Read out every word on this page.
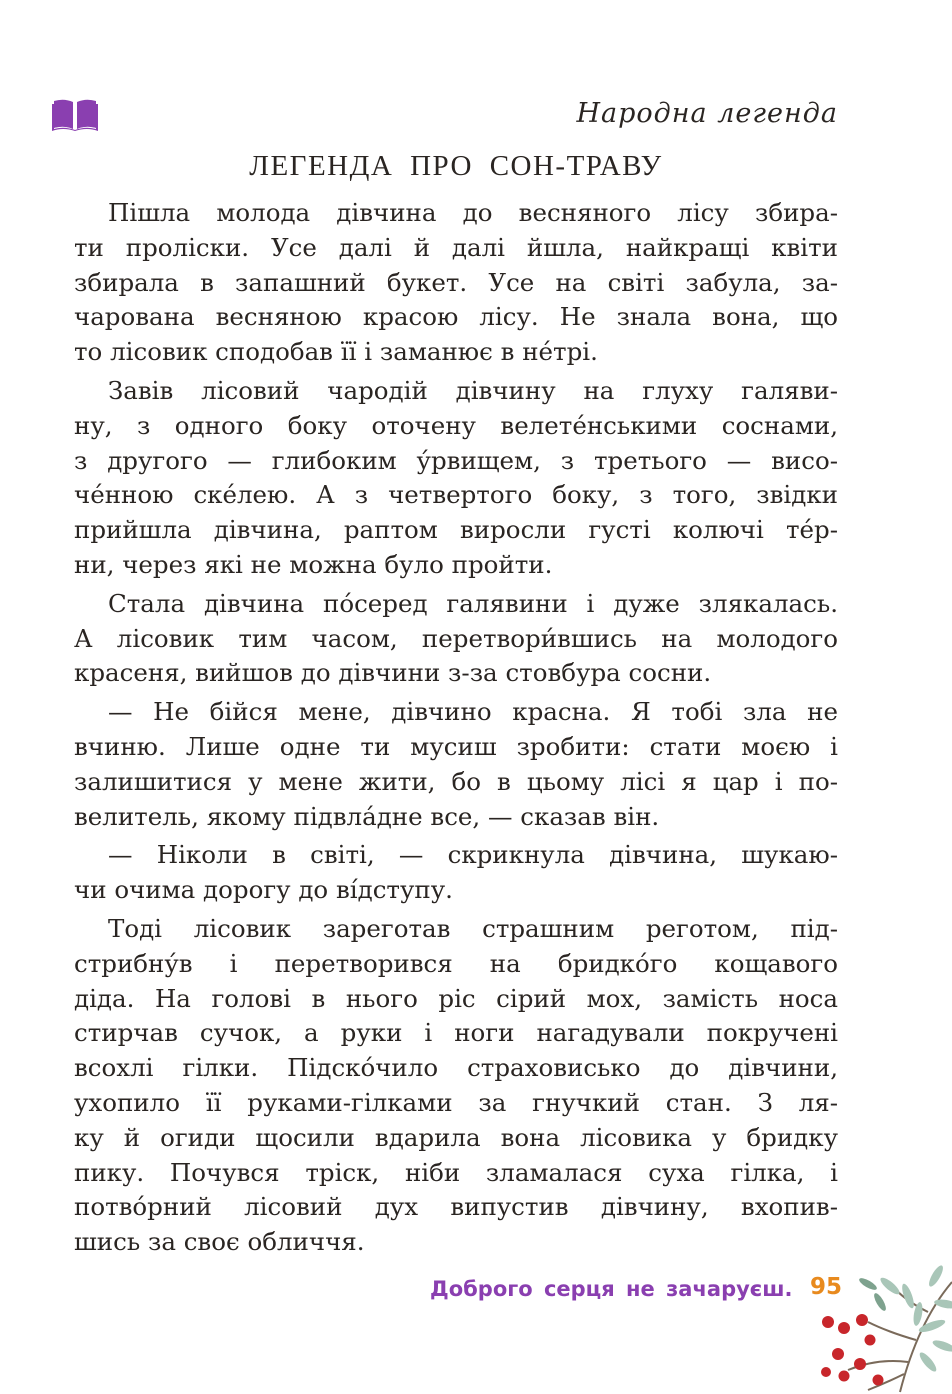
Народна легенда
ЛЕГЕНДА ПРО СОН-ТРАВУ

Пішла молода дівчина до весняного лісу збира-
ти проліски. Усе далі й далі йшла, найкращі квіти
збирала в запашний букет. Усе на світі забула, за-
чарована весняною красою лісу. Не знала вона, що
то лісовик сподобав її і заманює в не́трі.

Завів лісовий чародій дівчину на глуху галяви-
ну, з одного боку оточену велете́нськими соснами,
з другого — глибоким у́рвищем, з третього — висо-
че́нною ске́лею. А з четвертого боку, з того, звідки
прийшла дівчина, раптом виросли густі колючі те́р-
ни, через які не можна було пройти.

Стала дівчина по́серед галявини і дуже злякалась.
А лісовик тим часом, перетвори́вшись на молодого
красеня, вийшов до дівчини з-за стовбура сосни.

— Не бійся мене, дівчино красна. Я тобі зла не
вчиню. Лише одне ти мусиш зробити: стати моєю і
залишитися у мене жити, бо в цьому лісі я цар і по-
велитель, якому підвла́дне все, — сказав він.

— Ніколи в світі, — скрикнула дівчина, шукаю-
чи очима дорогу до ві́дступу.

Тоді лісовик зареготав страшним реготом, під-
стрибну́в і перетворився на бридко́го кощавого
діда. На голові в нього ріс сірий мох, замість носа
стирчав сучок, а руки і ноги нагадували покручені
всохлі гілки. Підско́чило страховисько до дівчини,
ухопило її руками-гілками за гнучкий стан. З ля-
ку й огиди щосили вдарила вона лісовика у бридку
пику. Почувся тріск, ніби зламалася суха гілка, і
потво́рний лісовий дух випустив дівчину, вхопив-
шись за своє обличчя.

Доброго серця не зачаруєш. 95
